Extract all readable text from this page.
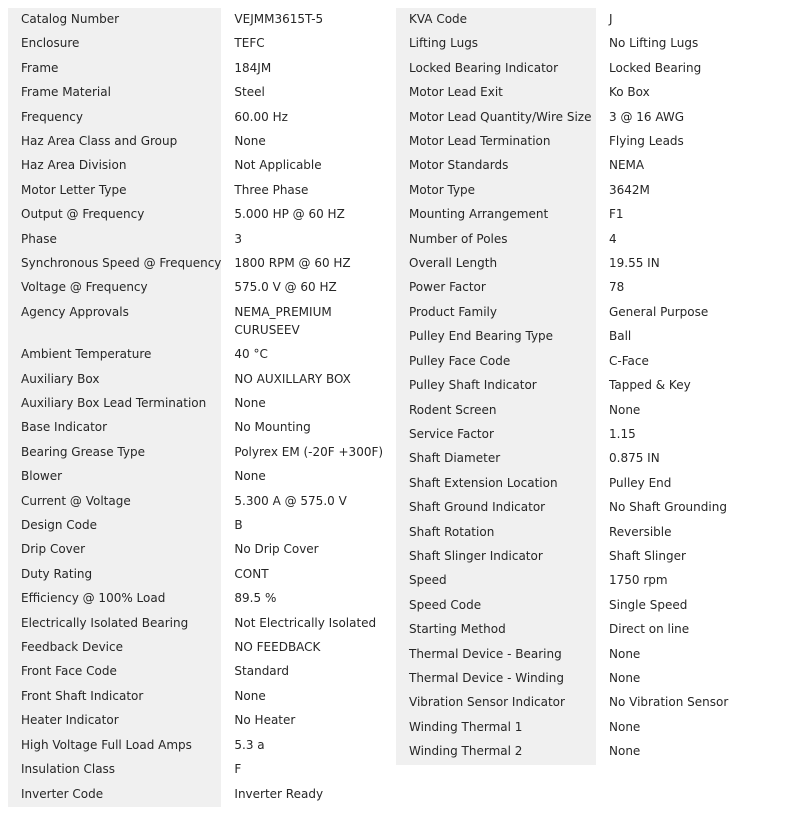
Catalog Number	VEJMM3615T-5
Enclosure	TEFC
Frame	184JM
Frame Material	Steel
Frequency	60.00 Hz
Haz Area Class and Group	None
Haz Area Division	Not Applicable
Motor Letter Type	Three Phase
Output @ Frequency	5.000 HP @ 60 HZ
Phase	3
Synchronous Speed @ Frequency	1800 RPM @ 60 HZ
Voltage @ Frequency	575.0 V @ 60 HZ
Agency Approvals	NEMA_PREMIUM
CURUSEEV

Ambient Temperature	40 °C
Auxiliary Box	NO AUXILLARY BOX
Auxiliary Box Lead Termination	None
Base Indicator	No Mounting
Bearing Grease Type	Polyrex EM (-20F +300F)
Blower	None
Current @ Voltage	5.300 A @ 575.0 V
Design Code	B
Drip Cover	No Drip Cover
Duty Rating	CONT
Efficiency @ 100% Load	89.5 %
Electrically Isolated Bearing	Not Electrically Isolated
Feedback Device	NO FEEDBACK
Front Face Code	Standard
Front Shaft Indicator	None
Heater Indicator	No Heater
High Voltage Full Load Amps	5.3 a
Insulation Class	F
Inverter Code	Inverter Ready
KVA Code	J
Lifting Lugs	No Lifting Lugs
Locked Bearing Indicator	Locked Bearing
Motor Lead Exit	Ko Box
Motor Lead Quantity/Wire Size	3 @ 16 AWG
Motor Lead Termination	Flying Leads
Motor Standards	NEMA
Motor Type	3642M
Mounting Arrangement	F1
Number of Poles	4
Overall Length	19.55 IN
Power Factor	78
Product Family	General Purpose
Pulley End Bearing Type	Ball
Pulley Face Code	C-Face
Pulley Shaft Indicator	Tapped & Key
Rodent Screen	None
Service Factor	1.15
Shaft Diameter	0.875 IN
Shaft Extension Location	Pulley End
Shaft Ground Indicator	No Shaft Grounding
Shaft Rotation	Reversible
Shaft Slinger Indicator	Shaft Slinger
Speed	1750 rpm
Speed Code	Single Speed
Starting Method	Direct on line
Thermal Device - Bearing	None
Thermal Device - Winding	None
Vibration Sensor Indicator	No Vibration Sensor
Winding Thermal 1	None
Winding Thermal 2	None
